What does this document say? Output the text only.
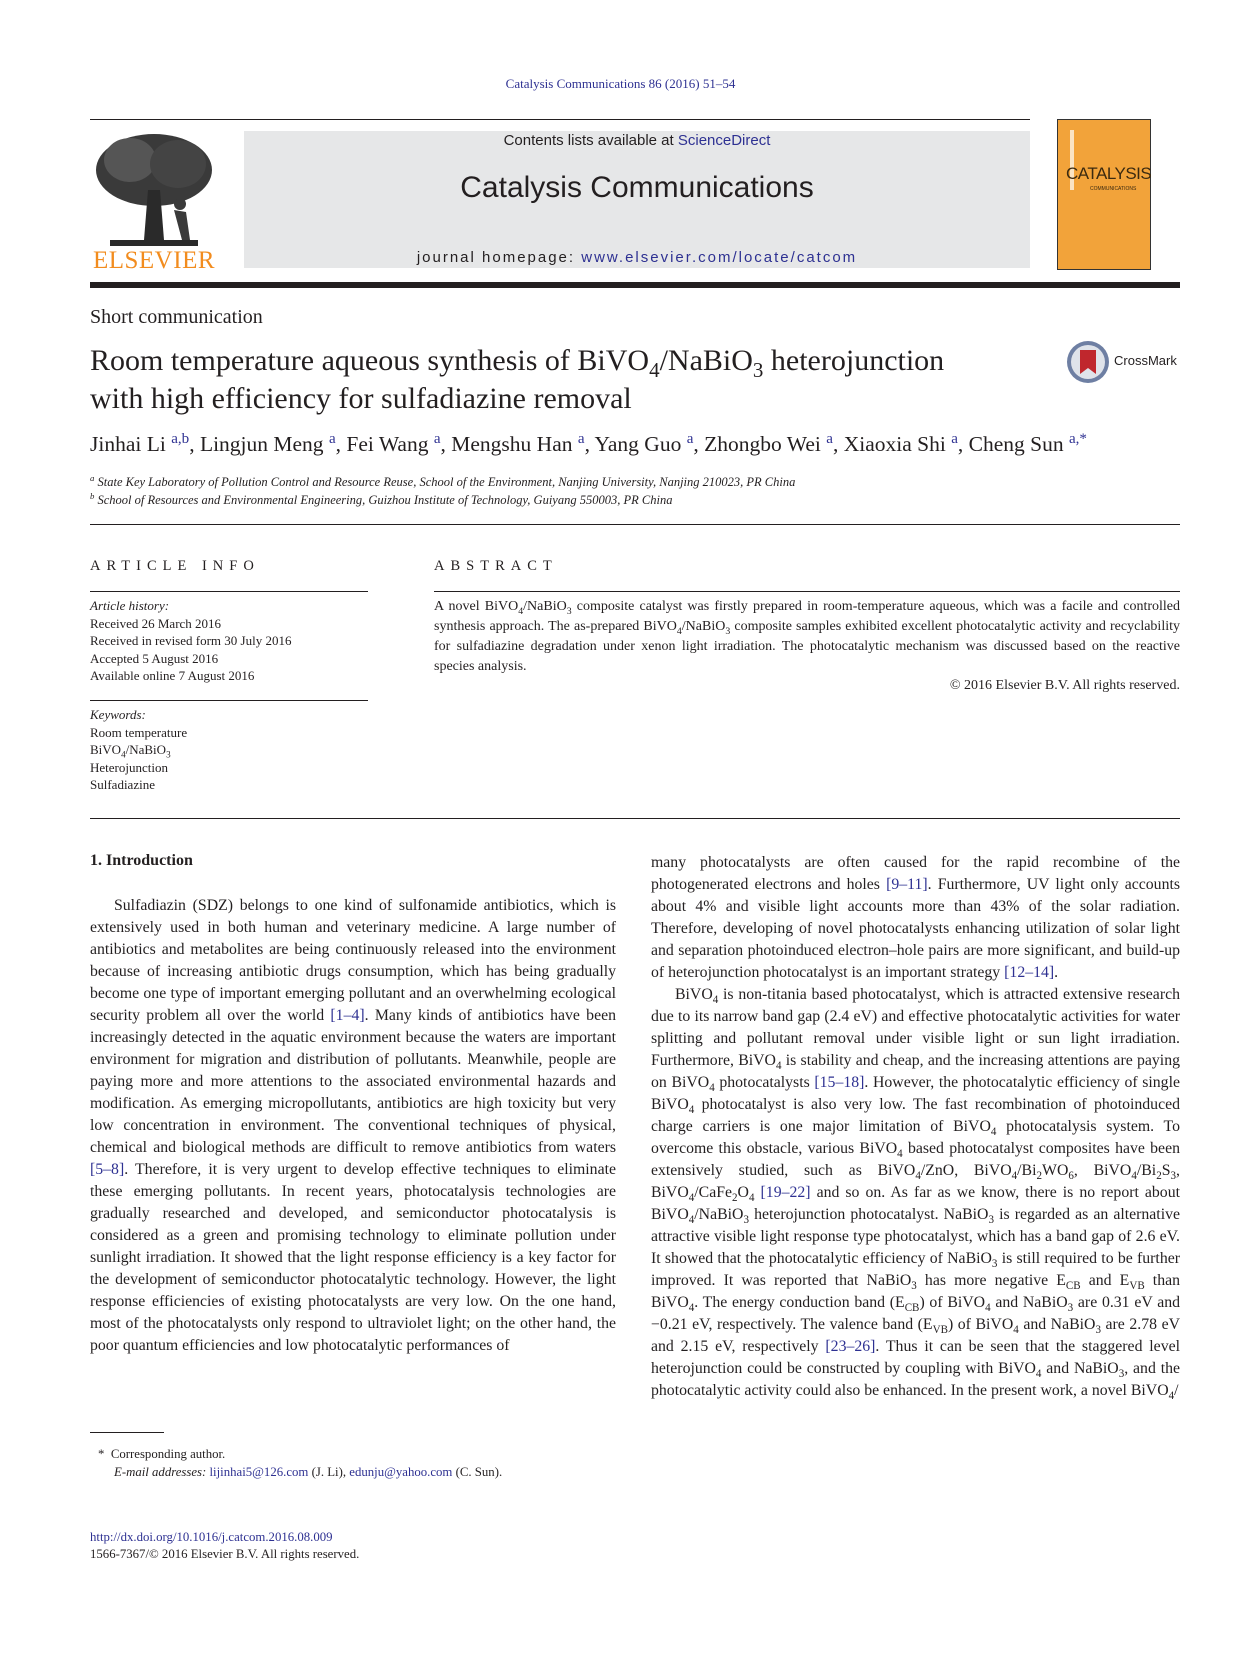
Catalysis Communications 86 (2016) 51–54
ELSEVIER
Contents lists available at ScienceDirect
Catalysis Communications
journal homepage: www.elsevier.com/locate/catcom
CATALYSIS
COMMUNICATIONS
Short communication
Room temperature aqueous synthesis of BiVO$_4$/NaBiO$_3$ heterojunction
with high efficiency for sulfadiazine removal
CrossMark
Jinhai Li $^{a,b}$, Lingjun Meng $^a$, Fei Wang $^a$, Mengshu Han $^a$, Yang Guo $^a$, Zhongbo Wei $^a$, Xiaoxia Shi $^a$, Cheng Sun $^{a,*}$
$^a$ State Key Laboratory of Pollution Control and Resource Reuse, School of the Environment, Nanjing University, Nanjing 210023, PR China
$^b$ School of Resources and Environmental Engineering, Guizhou Institute of Technology, Guiyang 550003, PR China
ARTICLE INFO
Article history:
Received 26 March 2016
Received in revised form 30 July 2016
Accepted 5 August 2016
Available online 7 August 2016
Keywords:
Room temperature
BiVO$_4$/NaBiO$_3$
Heterojunction
Sulfadiazine
ABSTRACT
A novel BiVO$_4$/NaBiO$_3$ composite catalyst was firstly prepared in room-temperature aqueous, which was a facile and controlled synthesis approach. The as-prepared BiVO$_4$/NaBiO$_3$ composite samples exhibited excellent photocatalytic activity and recyclability for sulfadiazine degradation under xenon light irradiation. The photocatalytic mechanism was discussed based on the reactive species analysis.
© 2016 Elsevier B.V. All rights reserved.
1. Introduction

Sulfadiazin (SDZ) belongs to one kind of sulfonamide antibiotics, which is extensively used in both human and veterinary medicine. A large number of antibiotics and metabolites are being continuously released into the environment because of increasing antibiotic drugs consumption, which has being gradually become one type of important emerging pollutant and an overwhelming ecological security problem all over the world [1–4]. Many kinds of antibiotics have been increasingly detected in the aquatic environment because the waters are important environment for migration and distribution of pollutants. Meanwhile, people are paying more and more attentions to the associated environmental hazards and modification. As emerging micropollutants, antibiotics are high toxicity but very low concentration in environment. The conventional techniques of physical, chemical and biological methods are difficult to remove antibiotics from waters [5–8]. Therefore, it is very urgent to develop effective techniques to eliminate these emerging pollutants. In recent years, photocatalysis technologies are gradually researched and developed, and semiconductor photocatalysis is considered as a green and promising technology to eliminate pollution under sunlight irradiation. It showed that the light response efficiency is a key factor for the development of semiconductor photocatalytic technology. However, the light response efficiencies of existing photocatalysts are very low. On the one hand, most of the photocatalysts only respond to ultraviolet light; on the other hand, the poor quantum efficiencies and low photocatalytic performances of

many photocatalysts are often caused for the rapid recombine of the photogenerated electrons and holes [9–11]. Furthermore, UV light only accounts about 4% and visible light accounts more than 43% of the solar radiation. Therefore, developing of novel photocatalysts enhancing utilization of solar light and separation photoinduced electron–hole pairs are more significant, and build-up of heterojunction photocatalyst is an important strategy [12–14].

BiVO$_4$ is non-titania based photocatalyst, which is attracted extensive research due to its narrow band gap (2.4 eV) and effective photocatalytic activities for water splitting and pollutant removal under visible light or sun light irradiation. Furthermore, BiVO$_4$ is stability and cheap, and the increasing attentions are paying on BiVO$_4$ photocatalysts [15–18]. However, the photocatalytic efficiency of single BiVO$_4$ photocatalyst is also very low. The fast recombination of photoinduced charge carriers is one major limitation of BiVO$_4$ photocatalysis system. To overcome this obstacle, various BiVO$_4$ based photocatalyst composites have been extensively studied, such as BiVO$_4$/ZnO, $BiVO_4/Bi_2WO_6$, $BiVO_4/Bi_2S_3$, $BiVO_4/CaFe_2O_4$ [19–22] and so on. As far as we know, there is no report about BiVO$_4$/NaBiO$_3$ heterojunction photocatalyst. NaBiO$_3$ is regarded as an alternative attractive visible light response type photocatalyst, which has a band gap of 2.6 eV. It showed that the photocatalytic efficiency of NaBiO$_3$ is still required to be further improved. It was reported that NaBiO$_3$ has more negative $E_{CB}$ and $E_{VB}$ than BiVO$_4$. The energy conduction band $(E_{CB})$ of BiVO$_4$ and NaBiO$_3$ are 0.31 eV and −0.21 eV, respectively. The valence band $(E_{VB})$ of BiVO$_4$ and NaBiO$_3$ are 2.78 eV and 2.15 eV, respectively [23–26]. Thus it can be seen that the staggered level heterojunction could be constructed by coupling with BiVO$_4$ and NaBiO$_3$, and the photocatalytic activity could also be enhanced. In the present work, a novel BiVO$_4$/

* Corresponding author.
E-mail addresses: lijinhai5@126.com (J. Li), edunju@yahoo.com (C. Sun).
http://dx.doi.org/10.1016/j.catcom.2016.08.009
1566-7367/© 2016 Elsevier B.V. All rights reserved.
